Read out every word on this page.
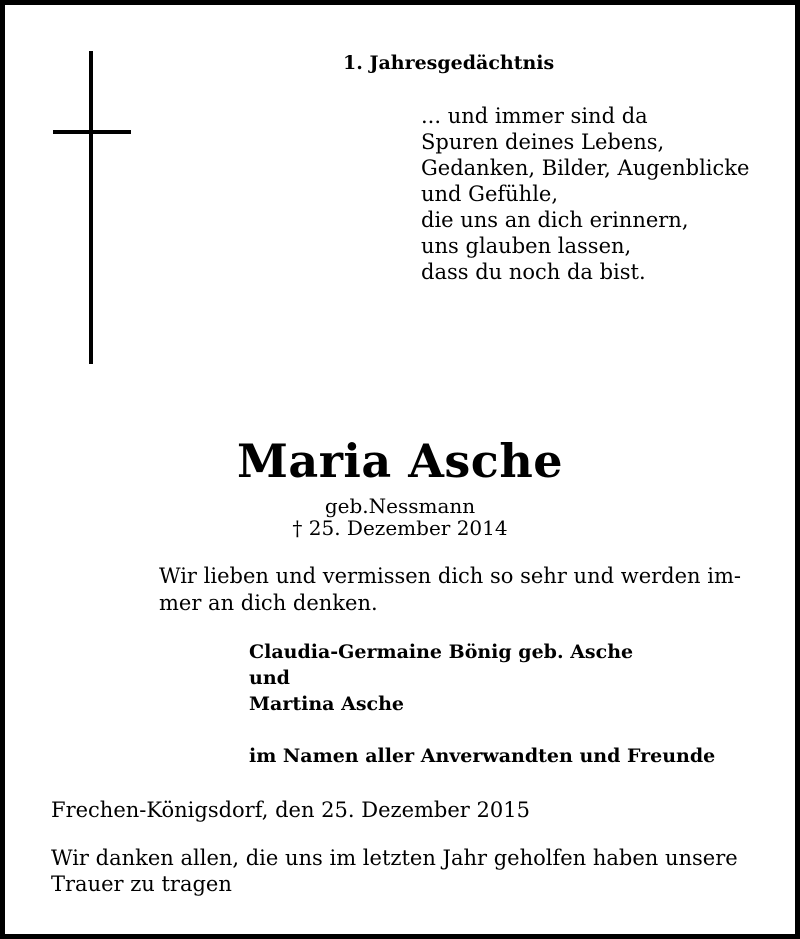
1. Jahresgedächtnis
... und immer sind da
Spuren deines Lebens,
Gedanken, Bilder, Augenblicke
und Gefühle,
die uns an dich erinnern,
uns glauben lassen,
dass du noch da bist.
Maria Asche
geb.Nessmann
† 25. Dezember 2014
Wir lieben und vermissen dich so sehr und werden im-
mer an dich denken.
Claudia-Germaine Bönig geb. Asche
und
Martina Asche
im Namen aller Anverwandten und Freunde
Frechen-Königsdorf, den 25. Dezember 2015
Wir danken allen, die uns im letzten Jahr geholfen haben unsere
Trauer zu tragen
